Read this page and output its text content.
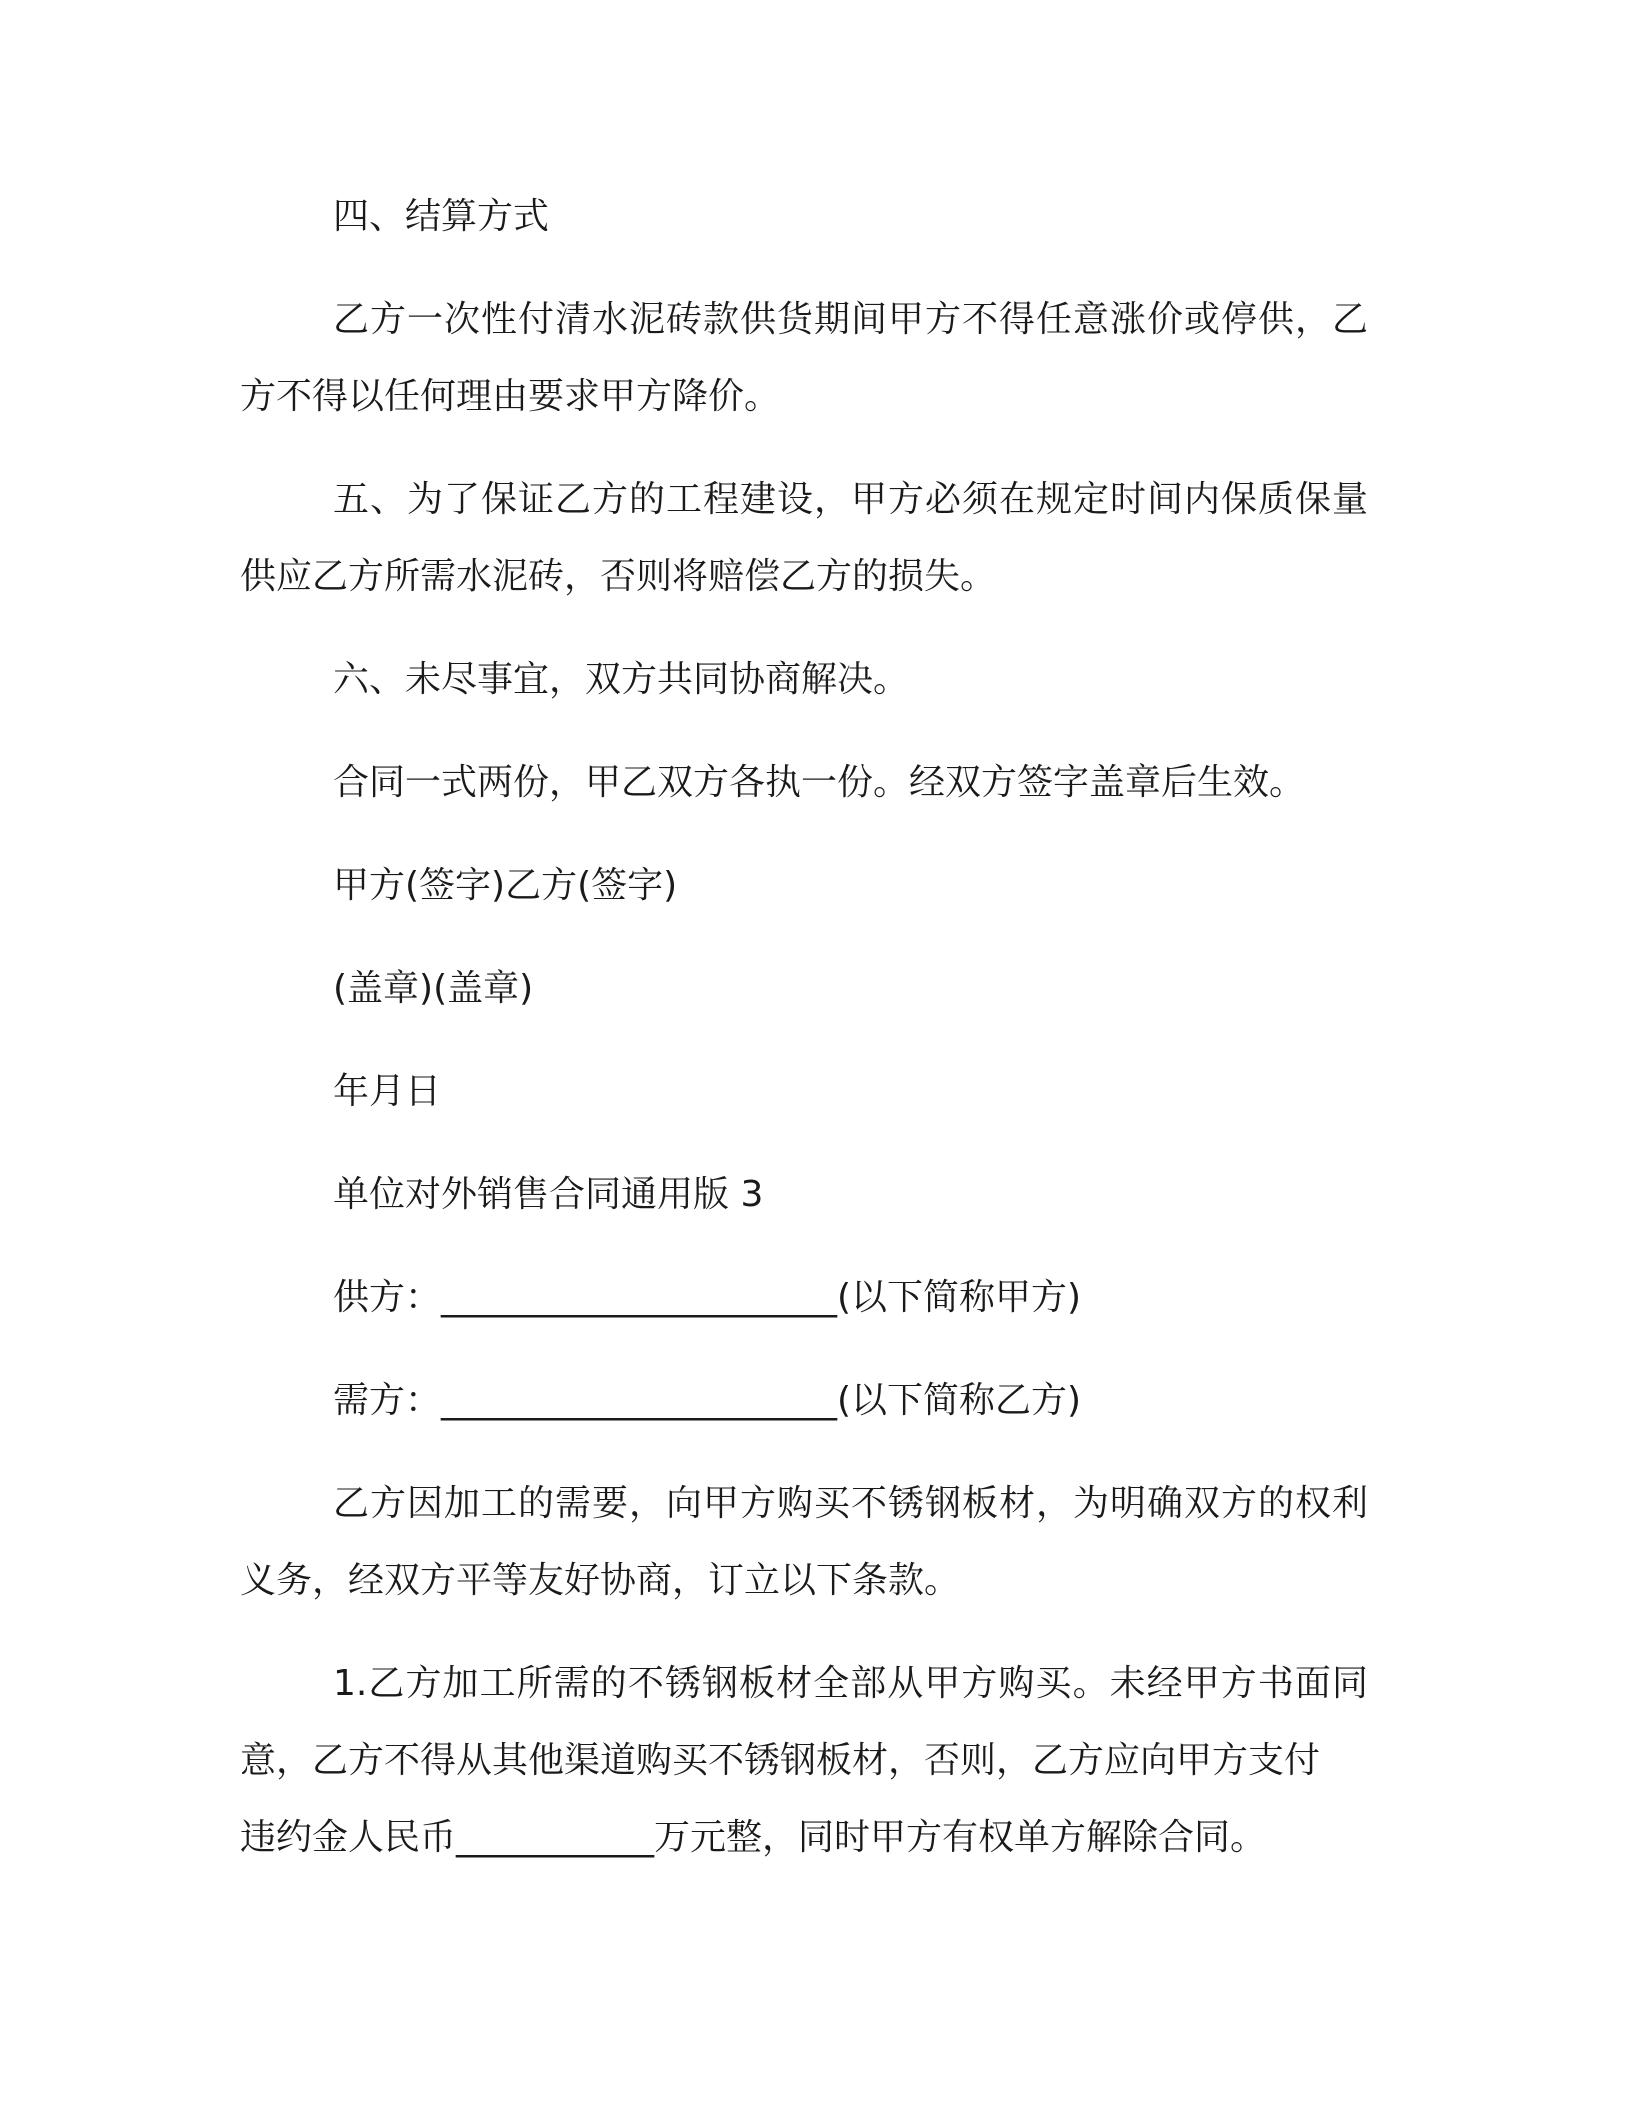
四、结算方式
乙方一次性付清水泥砖款供货期间甲方不得任意涨价或停供，乙
方不得以任何理由要求甲方降价。
五、为了保证乙方的工程建设，甲方必须在规定时间内保质保量
供应乙方所需水泥砖，否则将赔偿乙方的损失。
六、未尽事宜，双方共同协商解决。
合同一式两份，甲乙双方各执一份。经双方签字盖章后生效。
甲方(签字)乙方(签字)
(盖章)(盖章)
年月日
单位对外销售合同通用版 3
供方：______________________(以下简称甲方)
需方：______________________(以下简称乙方)
乙方因加工的需要，向甲方购买不锈钢板材，为明确双方的权利
义务，经双方平等友好协商，订立以下条款。
1.乙方加工所需的不锈钢板材全部从甲方购买。未经甲方书面同
意，乙方不得从其他渠道购买不锈钢板材，否则，乙方应向甲方支付
违约金人民币___________万元整，同时甲方有权单方解除合同。
